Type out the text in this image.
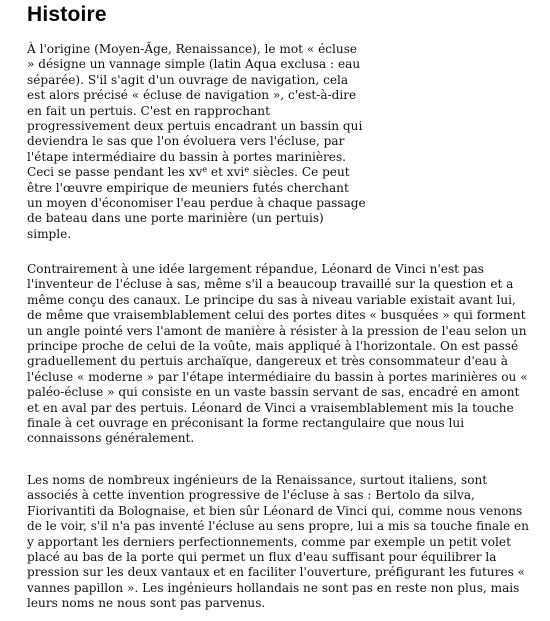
Histoire

À l'origine (Moyen-Âge, Renaissance), le mot « écluse » désigne un vannage simple (latin Aqua exclusa : eau séparée). S'il s'agit d'un ouvrage de navigation, cela est alors précisé « écluse de navigation », c'est-à-dire en fait un pertuis. C'est en rapprochant progressivement deux pertuis encadrant un bassin qui deviendra le sas que l'on évoluera vers l'écluse, par l'étape intermédiaire du bassin à portes marinières. Ceci se passe pendant les $xv^e$ et xvi$^e$ siècles. Ce peut être l'œuvre empirique de meuniers futés cherchant un moyen d'économiser l'eau perdue à chaque passage de bateau dans une porte marinière (un pertuis) simple.

Contrairement à une idée largement répandue, Léonard de Vinci n'est pas l'inventeur de l'écluse à sas, même s'il a beaucoup travaillé sur la question et a même conçu des canaux. Le principe du sas à niveau variable existait avant lui, de même que vraisemblablement celui des portes dites « busquées » qui forment un angle pointé vers l'amont de manière à résister à la pression de l'eau selon un principe proche de celui de la voûte, mais appliqué à l'horizontale. On est passé graduellement du pertuis archaïque, dangereux et très consommateur d'eau à l'écluse « moderne » par l'étape intermédiaire du bassin à portes marinières ou « paléo-écluse » qui consiste en un vaste bassin servant de sas, encadré en amont et en aval par des pertuis. Léonard de Vinci a vraisemblablement mis la touche finale à cet ouvrage en préconisant la forme rectangulaire que nous lui connaissons généralement.

Les noms de nombreux ingénieurs de la Renaissance, surtout italiens, sont associés à cette invention progressive de l'écluse à sas : Bertolo da silva, Fiorivantiti da Bolognaise, et bien sûr Léonard de Vinci qui, comme nous venons de le voir, s'il n'a pas inventé l'écluse au sens propre, lui a mis sa touche finale en y apportant les derniers perfectionnements, comme par exemple un petit volet placé au bas de la porte qui permet un flux d'eau suffisant pour équilibrer la pression sur les deux vantaux et en faciliter l'ouverture, préfigurant les futures « vannes papillon ». Les ingénieurs hollandais ne sont pas en reste non plus, mais leurs noms ne nous sont pas parvenus.
